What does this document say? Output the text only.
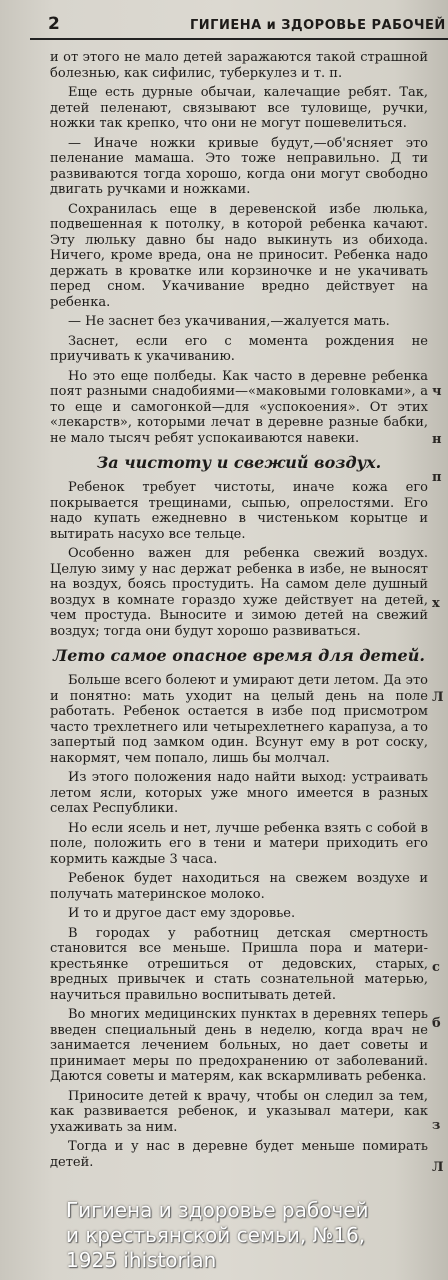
2	ГИГИЕНА и ЗДОРОВЬЕ РАБОЧЕЙ

и от этого не мало детей заражаются такой страшной болезнью, как сифилис, туберкулез и т. п.

Еще есть дурные обычаи, калечащие ребят. Так, детей пеленают, связывают все туловище, ручки, ножки так крепко, что они не могут пошевелиться.

— Иначе ножки кривые будут,—об'ясняет это пеленание мамаша. Это тоже неправильно. Д ти развиваются тогда хорошо, когда они могут свободно двигать ручками и ножками.

Сохранилась еще в деревенской избе люлька, подвешенная к потолку, в которой ребенка качают. Эту люльку давно бы надо выкинуть из обихода. Ничего, кроме вреда, она не приносит. Ребенка надо держать в кроватке или корзиночке и не укачивать перед сном. Укачивание вредно действует на ребенка.

— Не заснет без укачивания,—жалуется мать.

Заснет, если его с момента рождения не приучивать к укачиванию.

Но это еще полбеды. Как часто в деревне ребенка поят разными снадобиями—«маковыми головками», а то еще и самогонкой—для «успокоения». От этих «лекарств», которыми лечат в деревне разные бабки, не мало тысяч ребят успокаиваются навеки.

За чистоту и свежий воздух.

Ребенок требует чистоты, иначе кожа его покрывается трещинами, сыпью, опрелостями. Его надо купать ежедневно в чистеньком корытце и вытирать насухо все тельце.

Особенно важен для ребенка свежий воздух. Целую зиму у нас держат ребенка в избе, не выносят на воздух, боясь простудить. На самом деле душный воздух в комнате гораздо хуже действует на детей, чем простуда. Выносите и зимою детей на свежий воздух; тогда они будут хорошо развиваться.

Лето самое опасное время для детей.

Больше всего болеют и умирают дети летом. Да это и понятно: мать уходит на целый день на поле работать. Ребенок остается в избе под присмотром часто трехлетнего или четырехлетнего карапуза, а то запертый под замком один. Всунут ему в рот соску, накормят, чем попало, лишь бы молчал.

Из этого положения надо найти выход: устраивать летом ясли, которых уже много имеется в разных селах Республики.

Но если ясель и нет, лучше ребенка взять с собой в поле, положить его в тени и матери приходить его кормить каждые 3 часа.

Ребенок будет находиться на свежем воздухе и получать материнское молоко.

И то и другое даст ему здоровье.

В городах у работниц детская смертность становится все меньше. Пришла пора и матери-крестьянке отрешиться от дедовских, старых, вредных привычек и стать сознательной матерью, научиться правильно воспитывать детей.

Во многих медицинских пунктах в деревнях теперь введен специальный день в неделю, когда врач не занимается лечением больных, но дает советы и принимает меры по предохранению от заболеваний. Даются советы и матерям, как вскармливать ребенка.

Приносите детей к врачу, чтобы он следил за тем, как развивается ребенок, и указывал матери, как ухаживать за ним.

Тогда и у нас в деревне будет меньше помирать детей.

ч
н
п
х
Л
с
б
з
Л
Гигиена и здоровье рабочей
и крестьянской семьи, №16,
1925 ihistorian
